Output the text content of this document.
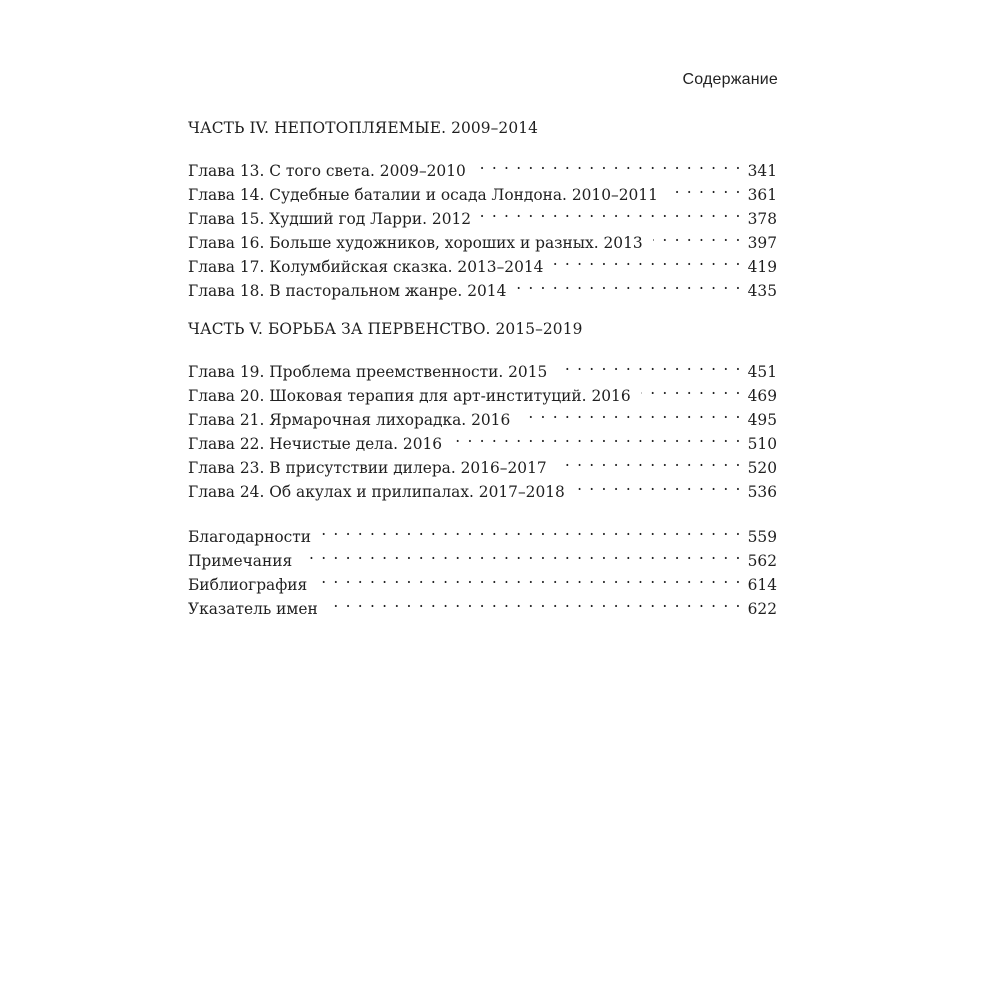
Содержание
ЧАСТЬ IV. НЕПОТОПЛЯЕМЫЕ. 2009–2014
Глава 13. С того света. 2009–2010 . . .	341
Глава 14. Судебные баталии и осада Лондона. 2010–2011 . . .	361
Глава 15. Худший год Ларри. 2012 . . .	378
Глава 16. Больше художников, хороших и разных. 2013 . . .	397
Глава 17. Колумбийская сказка. 2013–2014 . . .	419
Глава 18. В пасторальном жанре. 2014 . . .	435
ЧАСТЬ V. БОРЬБА ЗА ПЕРВЕНСТВО. 2015–2019
Глава 19. Проблема преемственности. 2015 . . .	451
Глава 20. Шоковая терапия для арт-институций. 2016 . . .	469
Глава 21. Ярмарочная лихорадка. 2016 . . .	495
Глава 22. Нечистые дела. 2016 . . .	510
Глава 23. В присутствии дилера. 2016–2017 . . .	520
Глава 24. Об акулах и прилипалах. 2017–2018 . . .	536
Благодарности . . .	559
Примечания . . .	562
Библиография . . .	614
Указатель имен . . .	622
